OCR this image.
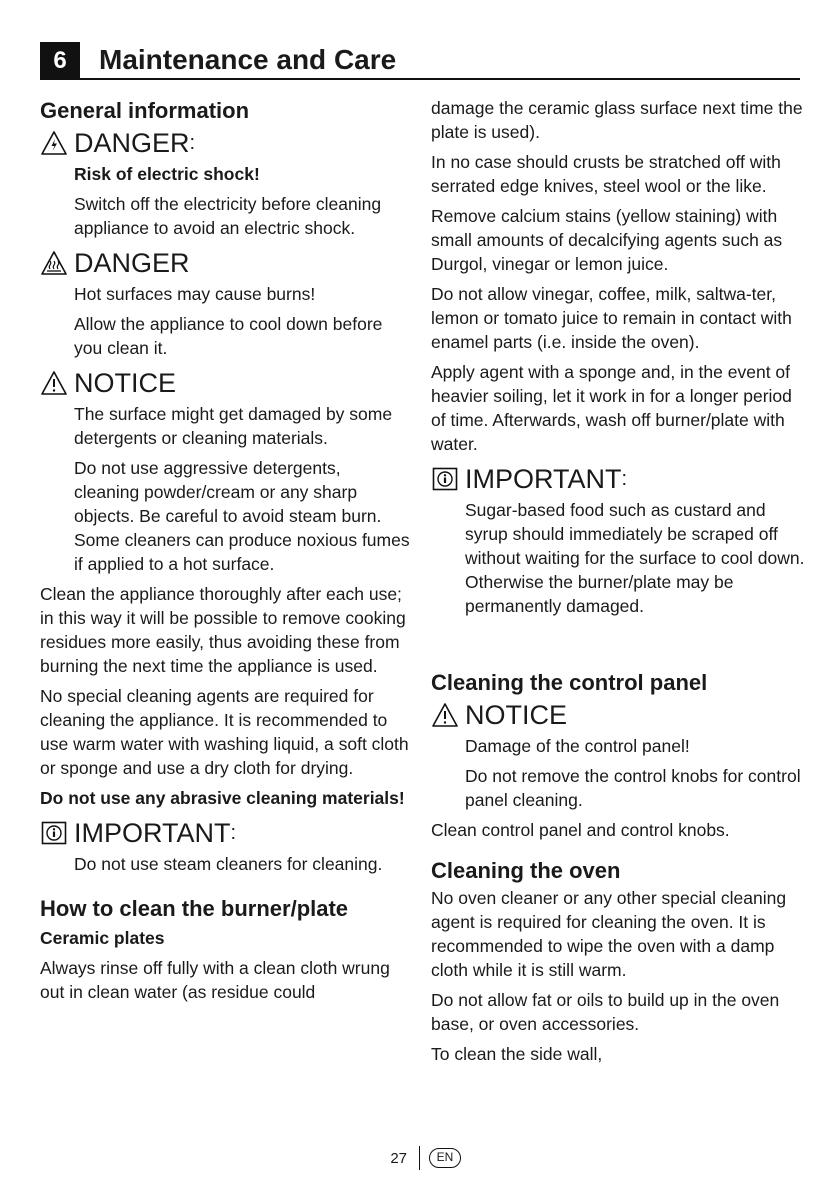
6	Maintenance and Care
General information
DANGER :

Risk of electric shock!

Switch off the electricity before cleaning appliance to avoid an electric shock.

DANGER

Hot surfaces may cause burns!

Allow the appliance to cool down before you clean it.

NOTICE

The surface might get damaged by some detergents or cleaning materials.

Do not use aggressive detergents, cleaning powder/cream or any sharp objects. Be careful to avoid steam burn. Some cleaners can produce noxious fumes if applied to a hot surface.

Clean the appliance thoroughly after each use; in this way it will be possible to remove cooking residues more easily, thus avoiding these from burning the next time the appliance is used.

No special cleaning agents are required for cleaning the appliance. It is recommended to use warm water with washing liquid, a soft cloth or sponge and use a dry cloth for drying.

Do not use any abrasive cleaning materials!

IMPORTANT :

Do not use steam cleaners for cleaning.

How to clean the burner/plate

Ceramic plates

Always rinse off fully with a clean cloth wrung out in clean water (as residue could

damage the ceramic glass surface next time the plate is used).

In no case should crusts be stratched off with serrated edge knives, steel wool or the like.

Remove calcium stains (yellow staining) with small amounts of decalcifying agents such as Durgol, vinegar or lemon juice.

Do not allow vinegar, coffee, milk, saltwa-ter, lemon or tomato juice to remain in contact with enamel parts (i.e. inside the oven).

Apply agent with a sponge and, in the event of heavier soiling, let it work in for a longer period of time. Afterwards, wash off burner/plate with water.

IMPORTANT :

Sugar-based food such as custard and syrup should immediately be scraped off without waiting for the surface to cool down. Otherwise the burner/plate may be permanently damaged.

Cleaning the control panel
NOTICE

Damage of the control panel!

Do not remove the control knobs for control panel cleaning.

Clean control panel and control knobs.

Cleaning the oven

No oven cleaner or any other special cleaning agent is required for cleaning the oven. It is recommended to wipe the oven with a damp cloth while it is still warm.

Do not allow fat or oils to build up in the oven base, or oven accessories.

To clean the side wall,

27	EN
